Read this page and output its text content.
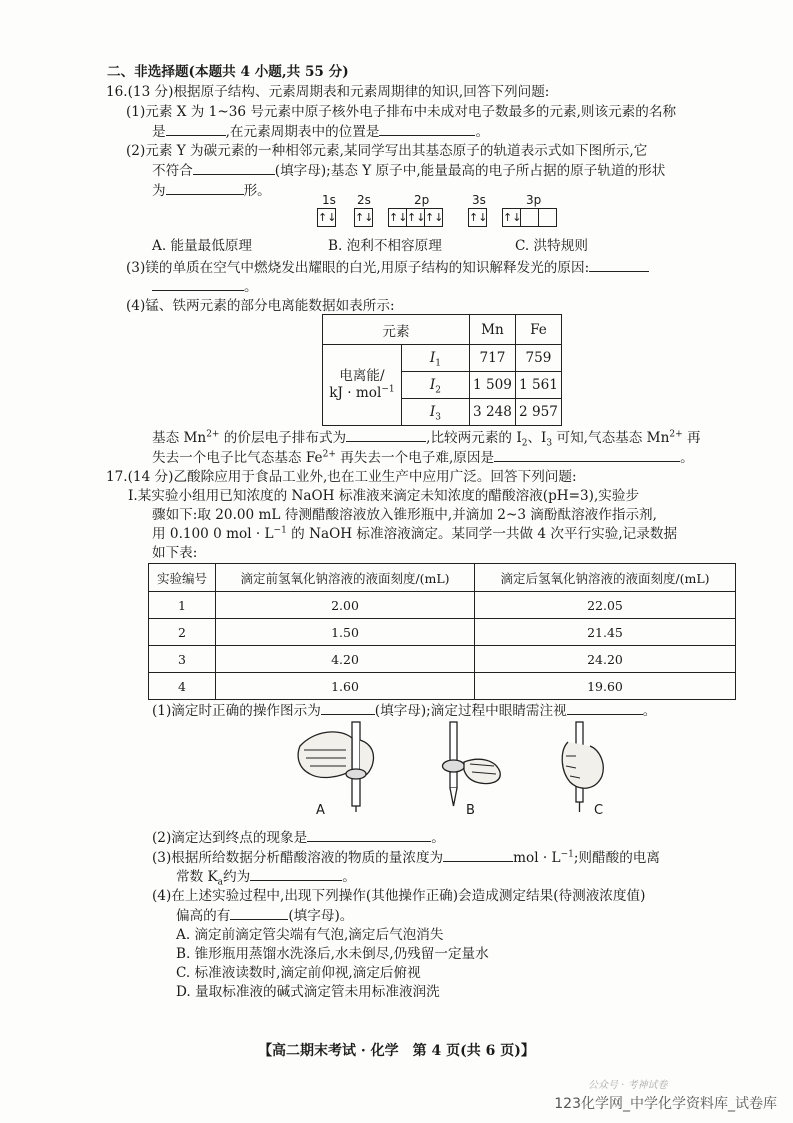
二、非选择题(本题共 4 小题,共 55 分)
16.(13 分)根据原子结构、元素周期表和元素周期律的知识,回答下列问题:
(1)元素 X 为 1~36 号元素中原子核外电子排布中未成对电子数最多的元素,则该元素的名称
是	,在元素周期表中的位置是	。
(2)元素 Y 为碳元素的一种相邻元素,某同学写出其基态原子的轨道表示式如下图所示,它
不符合	(填字母);基态 Y 原子中,能量最高的电子所占据的原子轨道的形状
为	形。
1s 2s	2p	3s	3p
↑↓ ↑↓ ↑↓↑↓↑↓ ↑↓ ↑↓
A. 能量最低原理	B. 泡利不相容原理	C. 洪特规则
(3)镁的单质在空气中燃烧发出耀眼的白光,用原子结构的知识解释发光的原因:
。
(4)锰、铁两元素的部分电离能数据如表所示:
元素		Mn	Fe
电离能/
kJ · mol$^{-1}$	$I_1$	717	759
	$I_2$	1 509	1 561
	$I_3$	3 248	2 957
基态 $Mn^{2+}$ 的价层电子排布式为	,比较两元素的 $I_2$、$I_3$ 可知,气态基态 $Mn^{2+}$ 再
失去一个电子比气态基态 $Fe^{2+}$ 再失去一个电子难,原因是	。
17.(14 分)乙酸除应用于食品工业外,也在工业生产中应用广泛。回答下列问题:
Ⅰ.某实验小组用已知浓度的 NaOH 标准液来滴定未知浓度的醋酸溶液(pH=3),实验步
骤如下:取 20.00 mL 待测醋酸溶液放入锥形瓶中,并滴加 2~3 滴酚酞溶液作指示剂,
用 0.100 0 mol · $L^{-1}$ 的 NaOH 标准溶液滴定。某同学一共做 4 次平行实验,记录数据
如下表:
实验编号	滴定前氢氧化钠溶液的液面刻度/(mL)	滴定后氢氧化钠溶液的液面刻度/(mL)
1	2.00	22.05
2	1.50	21.45
3	4.20	24.20
4	1.60	19.60
(1)滴定时正确的操作图示为	(填字母);滴定过程中眼睛需注视	。
A	B	C
(2)滴定达到终点的现象是	。
(3)根据所给数据分析醋酸溶液的物质的量浓度为	mol · $L^{-1}$;则醋酸的电离
常数 $K_a$约为	。
(4)在上述实验过程中,出现下列操作(其他操作正确)会造成测定结果(待测液浓度值)
偏高的有	(填字母)。
A. 滴定前滴定管尖端有气泡,滴定后气泡消失
B. 锥形瓶用蒸馏水洗涤后,水未倒尽,仍残留一定量水
C. 标准液读数时,滴定前仰视,滴定后俯视
D. 量取标准液的碱式滴定管未用标准液润洗
【高二期末考试 · 化学　第 4 页(共 6 页)】
公众号 · 考神试卷
123化学网_中学化学资料库_试卷库
